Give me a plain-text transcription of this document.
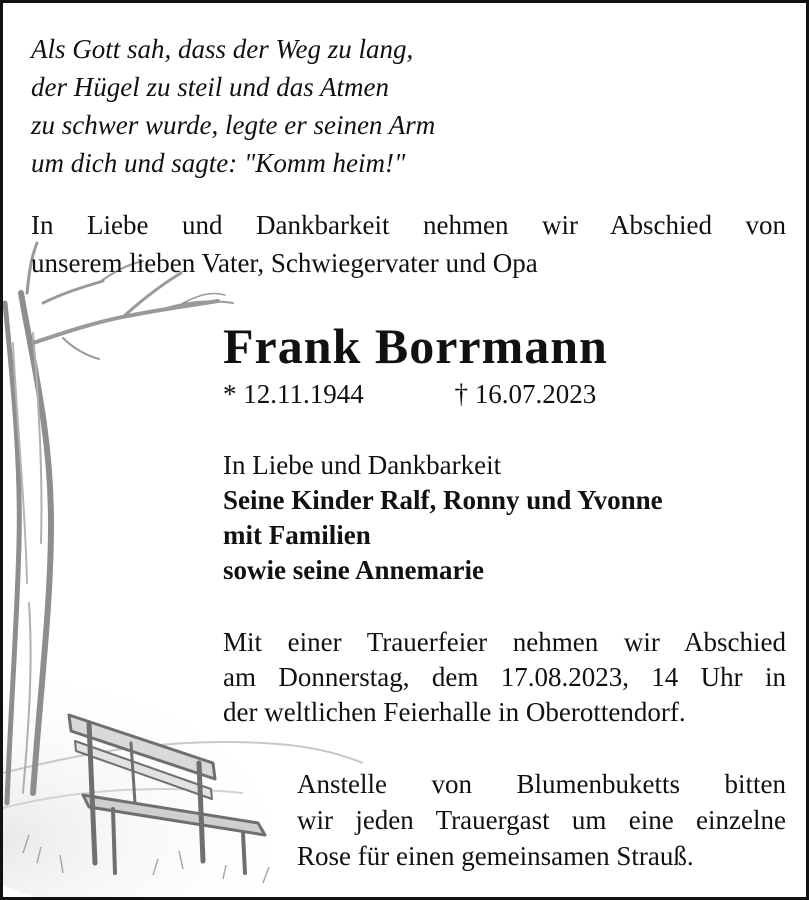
Als Gott sah, dass der Weg zu lang,
der Hügel zu steil und das Atmen
zu schwer wurde, legte er seinen Arm
um dich und sagte: "Komm heim!"
In Liebe und Dankbarkeit nehmen wir Abschied von
unserem lieben Vater, Schwiegervater und Opa
Frank Borrmann
* 12.11.1944	† 16.07.2023
In Liebe und Dankbarkeit
Seine Kinder Ralf, Ronny und Yvonne
mit Familien
sowie seine Annemarie
Mit einer Trauerfeier nehmen wir Abschied
am Donnerstag, dem 17.08.2023, 14 Uhr in
der weltlichen Feierhalle in Oberottendorf.
Anstelle von Blumenbuketts bitten
wir jeden Trauergast um eine einzelne
Rose für einen gemeinsamen Strauß.
